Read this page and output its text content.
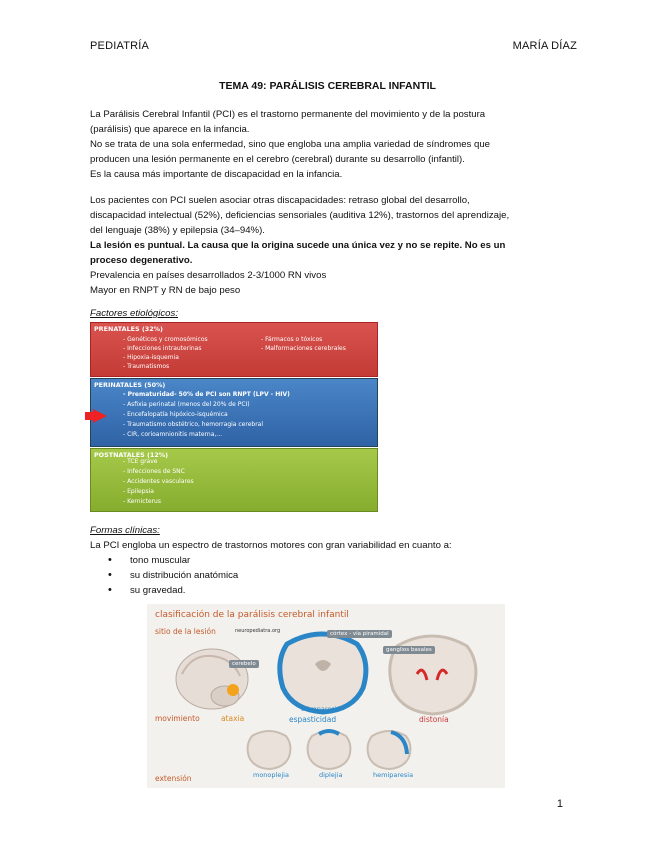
PEDIATRÍA	MARÍA DÍAZ
TEMA 49: PARÁLISIS CEREBRAL INFANTIL

La Parálisis Cerebral Infantil (PCI) es el trastorno permanente del movimiento y de la postura

(parálisis) que aparece en la infancia.

No se trata de una sola enfermedad, sino que engloba una amplia variedad de síndromes que

producen una lesión permanente en el cerebro (cerebral) durante su desarrollo (infantil).

Es la causa más importante de discapacidad en la infancia.

Los pacientes con PCI suelen asociar otras discapacidades: retraso global del desarrollo,

discapacidad intelectual (52%), deficiencias sensoriales (auditiva 12%), trastornos del aprendizaje,

del lenguaje (38%) y epilepsia (34–94%).

La lesión es puntual. La causa que la origina sucede una única vez y no se repite. No es un

proceso degenerativo.

Prevalencia en países desarrollados 2-3/1000 RN vivos

Mayor en RNPT y RN de bajo peso

Factores etiológicos:
PRENATALES (32%)
- Genéticos y cromosómicos
- Infecciones intrauterinas
- Hipoxia-isquemia
- Traumatismos
- Fármacos o tóxicos
- Malformaciones cerebrales
PERINATALES (50%)
- Prematuridad- 50% de PCI son RNPT (LPV - HIV)
- Asfixia perinatal (menos del 20% de PCI)
- Encefalopatía hipóxico-isquémica
- Traumatismo obstétrico, hemorragia cerebral
- CIR, corioamnionitis materna,...
POSTNATALES (12%)
- TCE grave
- Infecciones de SNC
- Accidentes vasculares
- Epilepsia
- Kernicterus
Formas clínicas:
La PCI engloba un espectro de trastornos motores con gran variabilidad en cuanto a:
• tono muscular
• su distribución anatómica
• su gravedad.
clasificación de la parálisis cerebral infantil
sitio de la lesión	neuropediatra.org
cerebelo
córtex - vía piramidal
ganglios basales
movimiento	ataxia
tetraparesia
espasticidad	distonía
extensión	monoplejia	diplejia	hemiparesia
1
